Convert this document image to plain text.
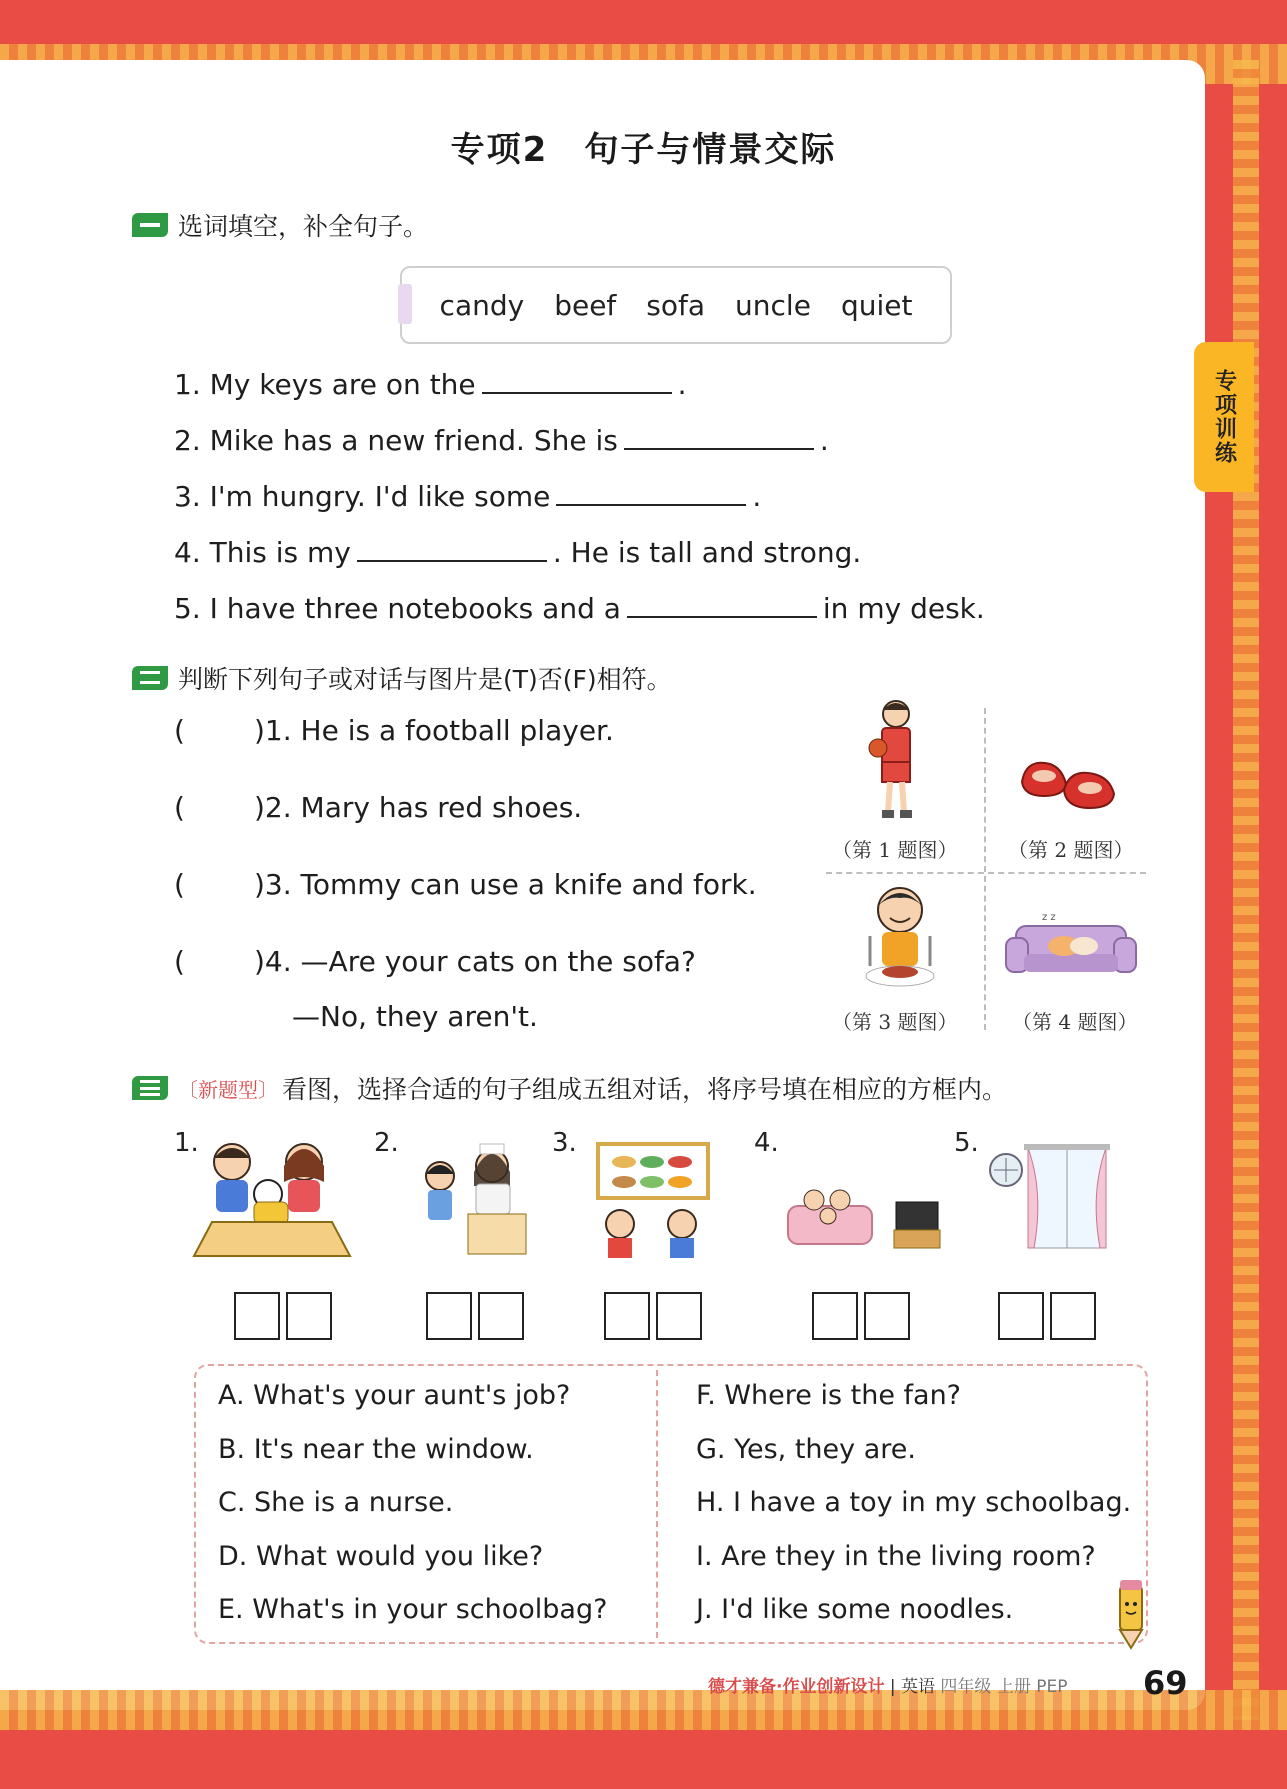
专项2　句子与情景交际
专项训练
选词填空，补全句子。
candy beef sofa uncle quiet
1. My keys are on the	.
2. Mike has a new friend. She is	.
3. I'm hungry. I'd like some	.
4. This is my	. He is tall and strong.
5. I have three notebooks and a	in my desk.
判断下列句子或对话与图片是(T)否(F)相符。
( )1. He is a football player.
( )2. Mary has red shoes.
( )3. Tommy can use a knife and fork.
( )4. —Are your cats on the sofa?
—No, they aren't.
z z
（第 1 题图）	（第 2 题图）
（第 3 题图）	（第 4 题图）
〔新题型〕 看图，选择合适的句子组成五组对话，将序号填在相应的方框内。
1.	2.	3.	4.	5.
A. What's your aunt's job?
B. It's near the window.
C. She is a nurse.
D. What would you like?
E. What's in your schoolbag?
F. Where is the fan?
G. Yes, they are.
H. I have a toy in my schoolbag.
I. Are they in the living room?
J. I'd like some noodles.
德才兼备·作业创新设计 | 英语 四年级 上册 PEP 69
